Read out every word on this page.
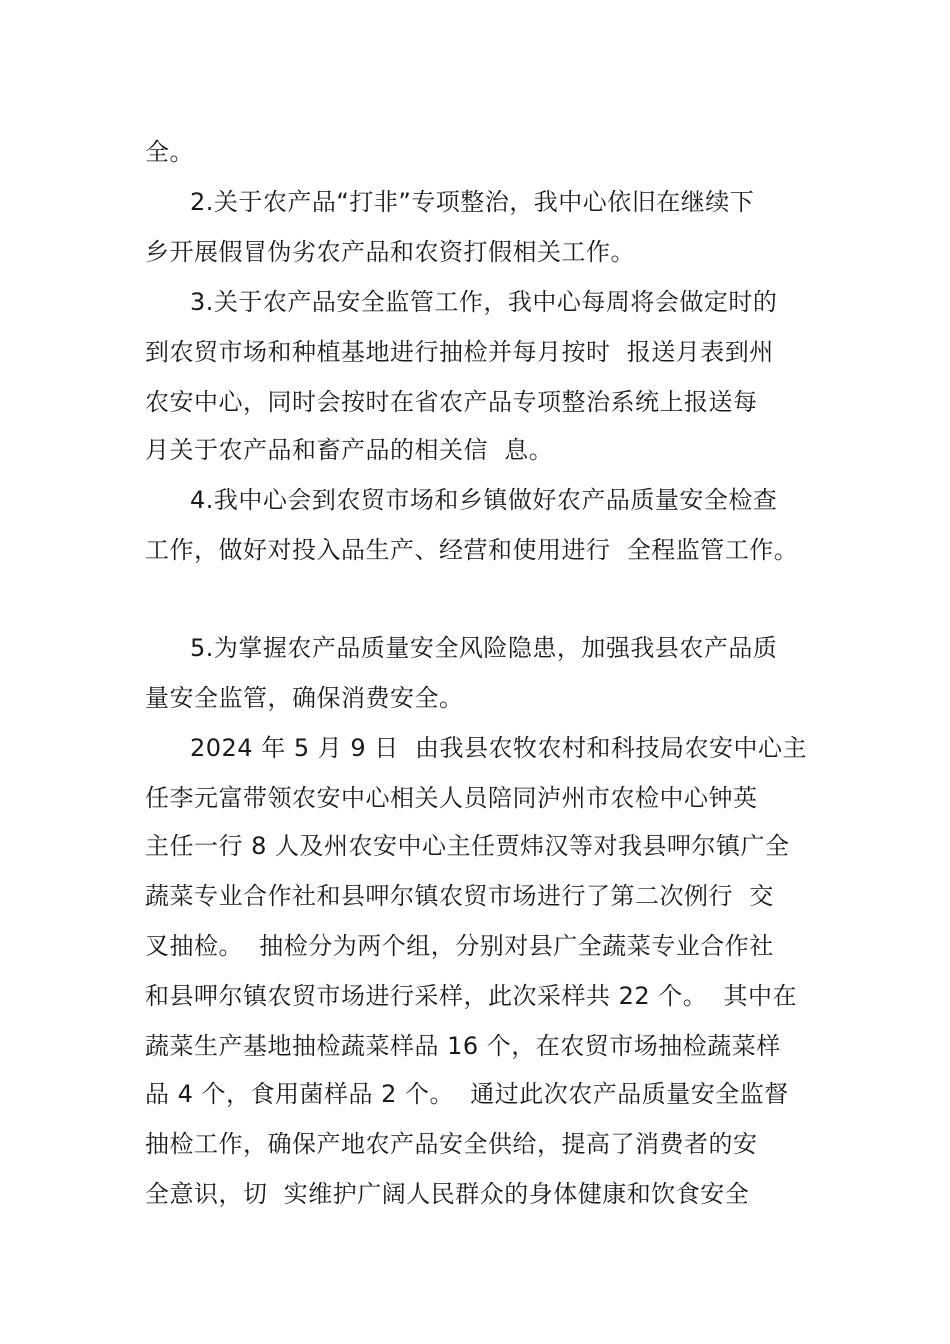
全。
2.关于农产品“打非”专项整治，我中心依旧在继续下
乡开展假冒伪劣农产品和农资打假相关工作。
3.关于农产品安全监管工作，我中心每周将会做定时的
到农贸市场和种植基地进行抽检并每月按时  报送月表到州
农安中心，同时会按时在省农产品专项整治系统上报送每
月关于农产品和畜产品的相关信  息。
4.我中心会到农贸市场和乡镇做好农产品质量安全检查
工作，做好对投入品生产、经营和使用进行  全程监管工作。
5.为掌握农产品质量安全风险隐患，加强我县农产品质
量安全监管，确保消费安全。
2024 年 5 月 9 日  由我县农牧农村和科技局农安中心主
任李元富带领农安中心相关人员陪同泸州市农检中心钟英
主任一行 8 人及州农安中心主任贾炜汉等对我县呷尔镇广全
蔬菜专业合作社和县呷尔镇农贸市场进行了第二次例行  交
叉抽检。  抽检分为两个组，分别对县广全蔬菜专业合作社
和县呷尔镇农贸市场进行采样，此次采样共 22 个。  其中在
蔬菜生产基地抽检蔬菜样品 16 个，在农贸市场抽检蔬菜样
品 4 个，食用菌样品 2 个。  通过此次农产品质量安全监督
抽检工作，确保产地农产品安全供给，提高了消费者的安
全意识，切  实维护广阔人民群众的身体健康和饮食安全
